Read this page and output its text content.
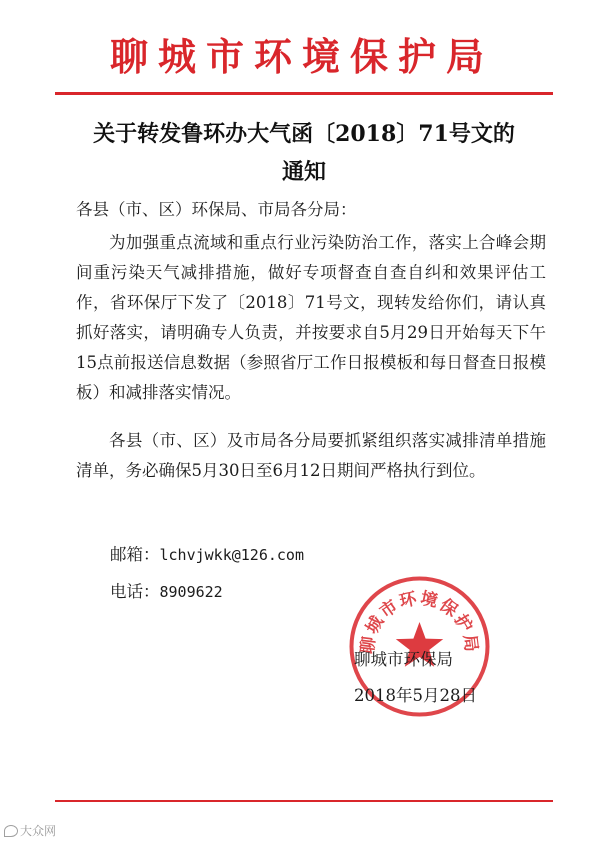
聊城市环境保护局
关于转发鲁环办大气函〔2018〕71号文的
通知
各县（市、区）环保局、市局各分局：

为加强重点流域和重点行业污染防治工作，落实上合峰会期间重污染天气减排措施，做好专项督查自查自纠和效果评估工作，省环保厅下发了〔2018〕71号文，现转发给你们，请认真抓好落实，请明确专人负责，并按要求自5月29日开始每天下午15点前报送信息数据（参照省厅工作日报模板和每日督查日报模板）和减排落实情况。

各县（市、区）及市局各分局要抓紧组织落实减排清单措施清单，务必确保5月30日至6月12日期间严格执行到位。

邮箱：lchvjwkk@126.com
电话：8909622
聊城市环境保护局
聊城市环保局
2018年5月28日
大众网
